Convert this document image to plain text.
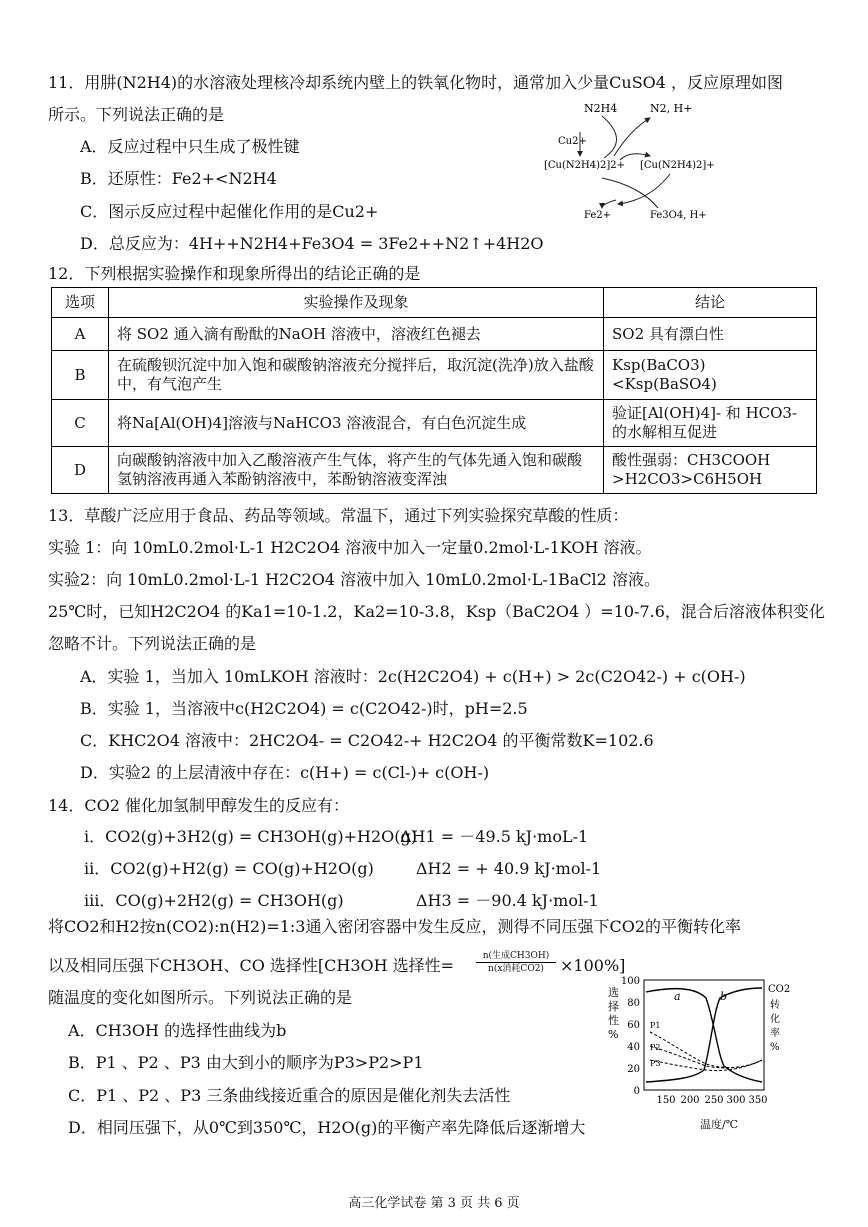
11．用肼(N2H4)的水溶液处理核冷却系统内壁上的铁氧化物时，通常加入少量CuSO4 ，反应原理如图
所示。下列说法正确的是
A．反应过程中只生成了极性键
B．还原性：Fe2+<N2H4
C．图示反应过程中起催化作用的是Cu2+
D．总反应为：4H++N2H4+Fe3O4 = 3Fe2++N2↑+4H2O
N2H4	N2, H+
Cu2+
[Cu(N2H4)2]2+ [Cu(N2H4)2]+
Fe2+	Fe3O4, H+
12．下列根据实验操作和现象所得出的结论正确的是
选项	实验操作及现象	结论
A	将 SO2 通入滴有酚酞的NaOH 溶液中，溶液红色褪去	SO2 具有漂白性
B	在硫酸钡沉淀中加入饱和碳酸钠溶液充分搅拌后，取沉淀(洗净)放入盐酸中，有气泡产生	Ksp(BaCO3)<Ksp(BaSO4)
C	将Na[Al(OH)4]溶液与NaHCO3 溶液混合，有白色沉淀生成	验证[Al(OH)4]- 和 HCO3- 的水解相互促进
D	向碳酸钠溶液中加入乙酸溶液产生气体，将产生的气体先通入饱和碳酸氢钠溶液再通入苯酚钠溶液中，苯酚钠溶液变浑浊	酸性强弱：CH3COOH >H2CO3>C6H5OH
13．草酸广泛应用于食品、药品等领域。常温下，通过下列实验探究草酸的性质：
实验 1：向 10mL0.2mol·L-1 H2C2O4 溶液中加入一定量0.2mol·L-1KOH 溶液。
实验2：向 10mL0.2mol·L-1 H2C2O4 溶液中加入 10mL0.2mol·L-1BaCl2 溶液。
25℃时，已知H2C2O4 的Ka1=10-1.2，Ka2=10-3.8，Ksp（BaC2O4 ）=10-7.6，混合后溶液体积变化
忽略不计。下列说法正确的是
A．实验 1，当加入 10mLKOH 溶液时：2c(H2C2O4) + c(H+) > 2c(C2O42-) + c(OH-)
B．实验 1，当溶液中c(H2C2O4) = c(C2O42-)时，pH=2.5
C．KHC2O4 溶液中：2HC2O4- = C2O42-+ H2C2O4 的平衡常数K=102.6
D．实验2 的上层清液中存在：c(H+) = c(Cl-)+ c(OH-)
14．CO2 催化加氢制甲醇发生的反应有：
i．CO2(g)+3H2(g) = CH3OH(g)+H2O(g)
ΔH1 = －49.5 kJ·moL-1
ii．CO2(g)+H2(g) = CO(g)+H2O(g)	ΔH2 = + 40.9 kJ·mol-1
iii．CO(g)+2H2(g) = CH3OH(g)	ΔH3 = －90.4 kJ·mol-1
将CO2和H2按n(CO2):n(H2)=1:3通入密闭容器中发生反应，测得不同压强下CO2的平衡转化率
以及相同压强下CH3OH、CO 选择性[CH3OH 选择性=	n(生成CH3OH)
n(x消耗CO2)	×100%]
随温度的变化如图所示。下列说法正确的是
A．CH3OH 的选择性曲线为b
B．P1 、P2 、P3 由大到小的顺序为P3>P2>P1
C．P1 、P2 、P3 三条曲线接近重合的原因是催化剂失去活性
D．相同压强下，从0℃到350℃，H2O(g)的平衡产率先降低后逐渐增大
选
择
性
%
100
80
60
40
20
0
a	b
P1
P2
P3
150 200 250 300 350
CO2
转
化
率
%
温度/℃
高三化学试卷 第 3 页 共 6 页
